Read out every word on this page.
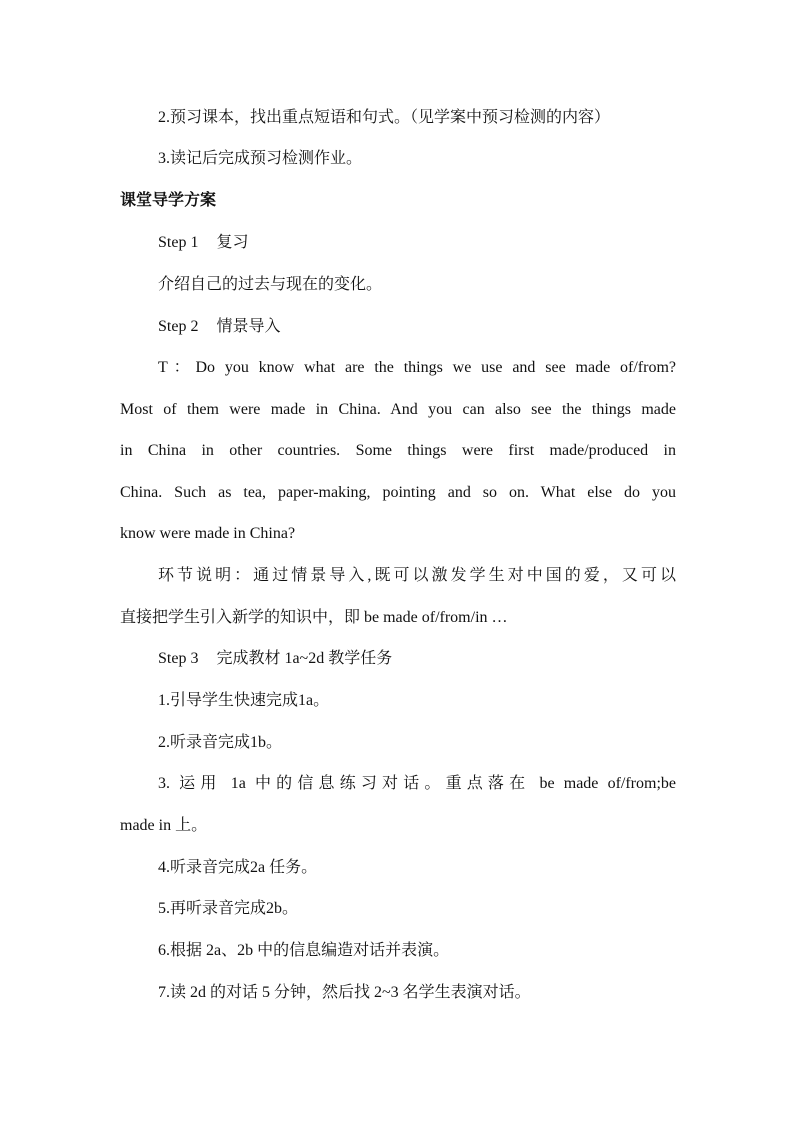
2.预习课本，找出重点短语和句式。（见学案中预习检测的内容）
3.读记后完成预习检测作业。
课堂导学方案
Step 1 复习
介绍自己的过去与现在的变化。
Step 2 情景导入
T：Do you know what are the things we use and see made of/from?
Most of them were made in China. And you can also see the things made
in China in other countries. Some things were first made/produced in
China. Such as tea, paper-making, pointing and so on. What else do you
know were made in China?
环节说明：通过情景导入,既可以激发学生对中国的爱，又可以
直接把学生引入新学的知识中，即 be made of/from/in …
Step 3 完成教材 1a~2d 教学任务
1.引导学生快速完成1a。
2.听录音完成1b。
3. 运用 1a 中的信息练习对话。重点落在 be made of/from;be
made in 上。
4.听录音完成2a 任务。
5.再听录音完成2b。
6.根据 2a、2b 中的信息编造对话并表演。
7.读 2d 的对话 5 分钟，然后找 2~3 名学生表演对话。
